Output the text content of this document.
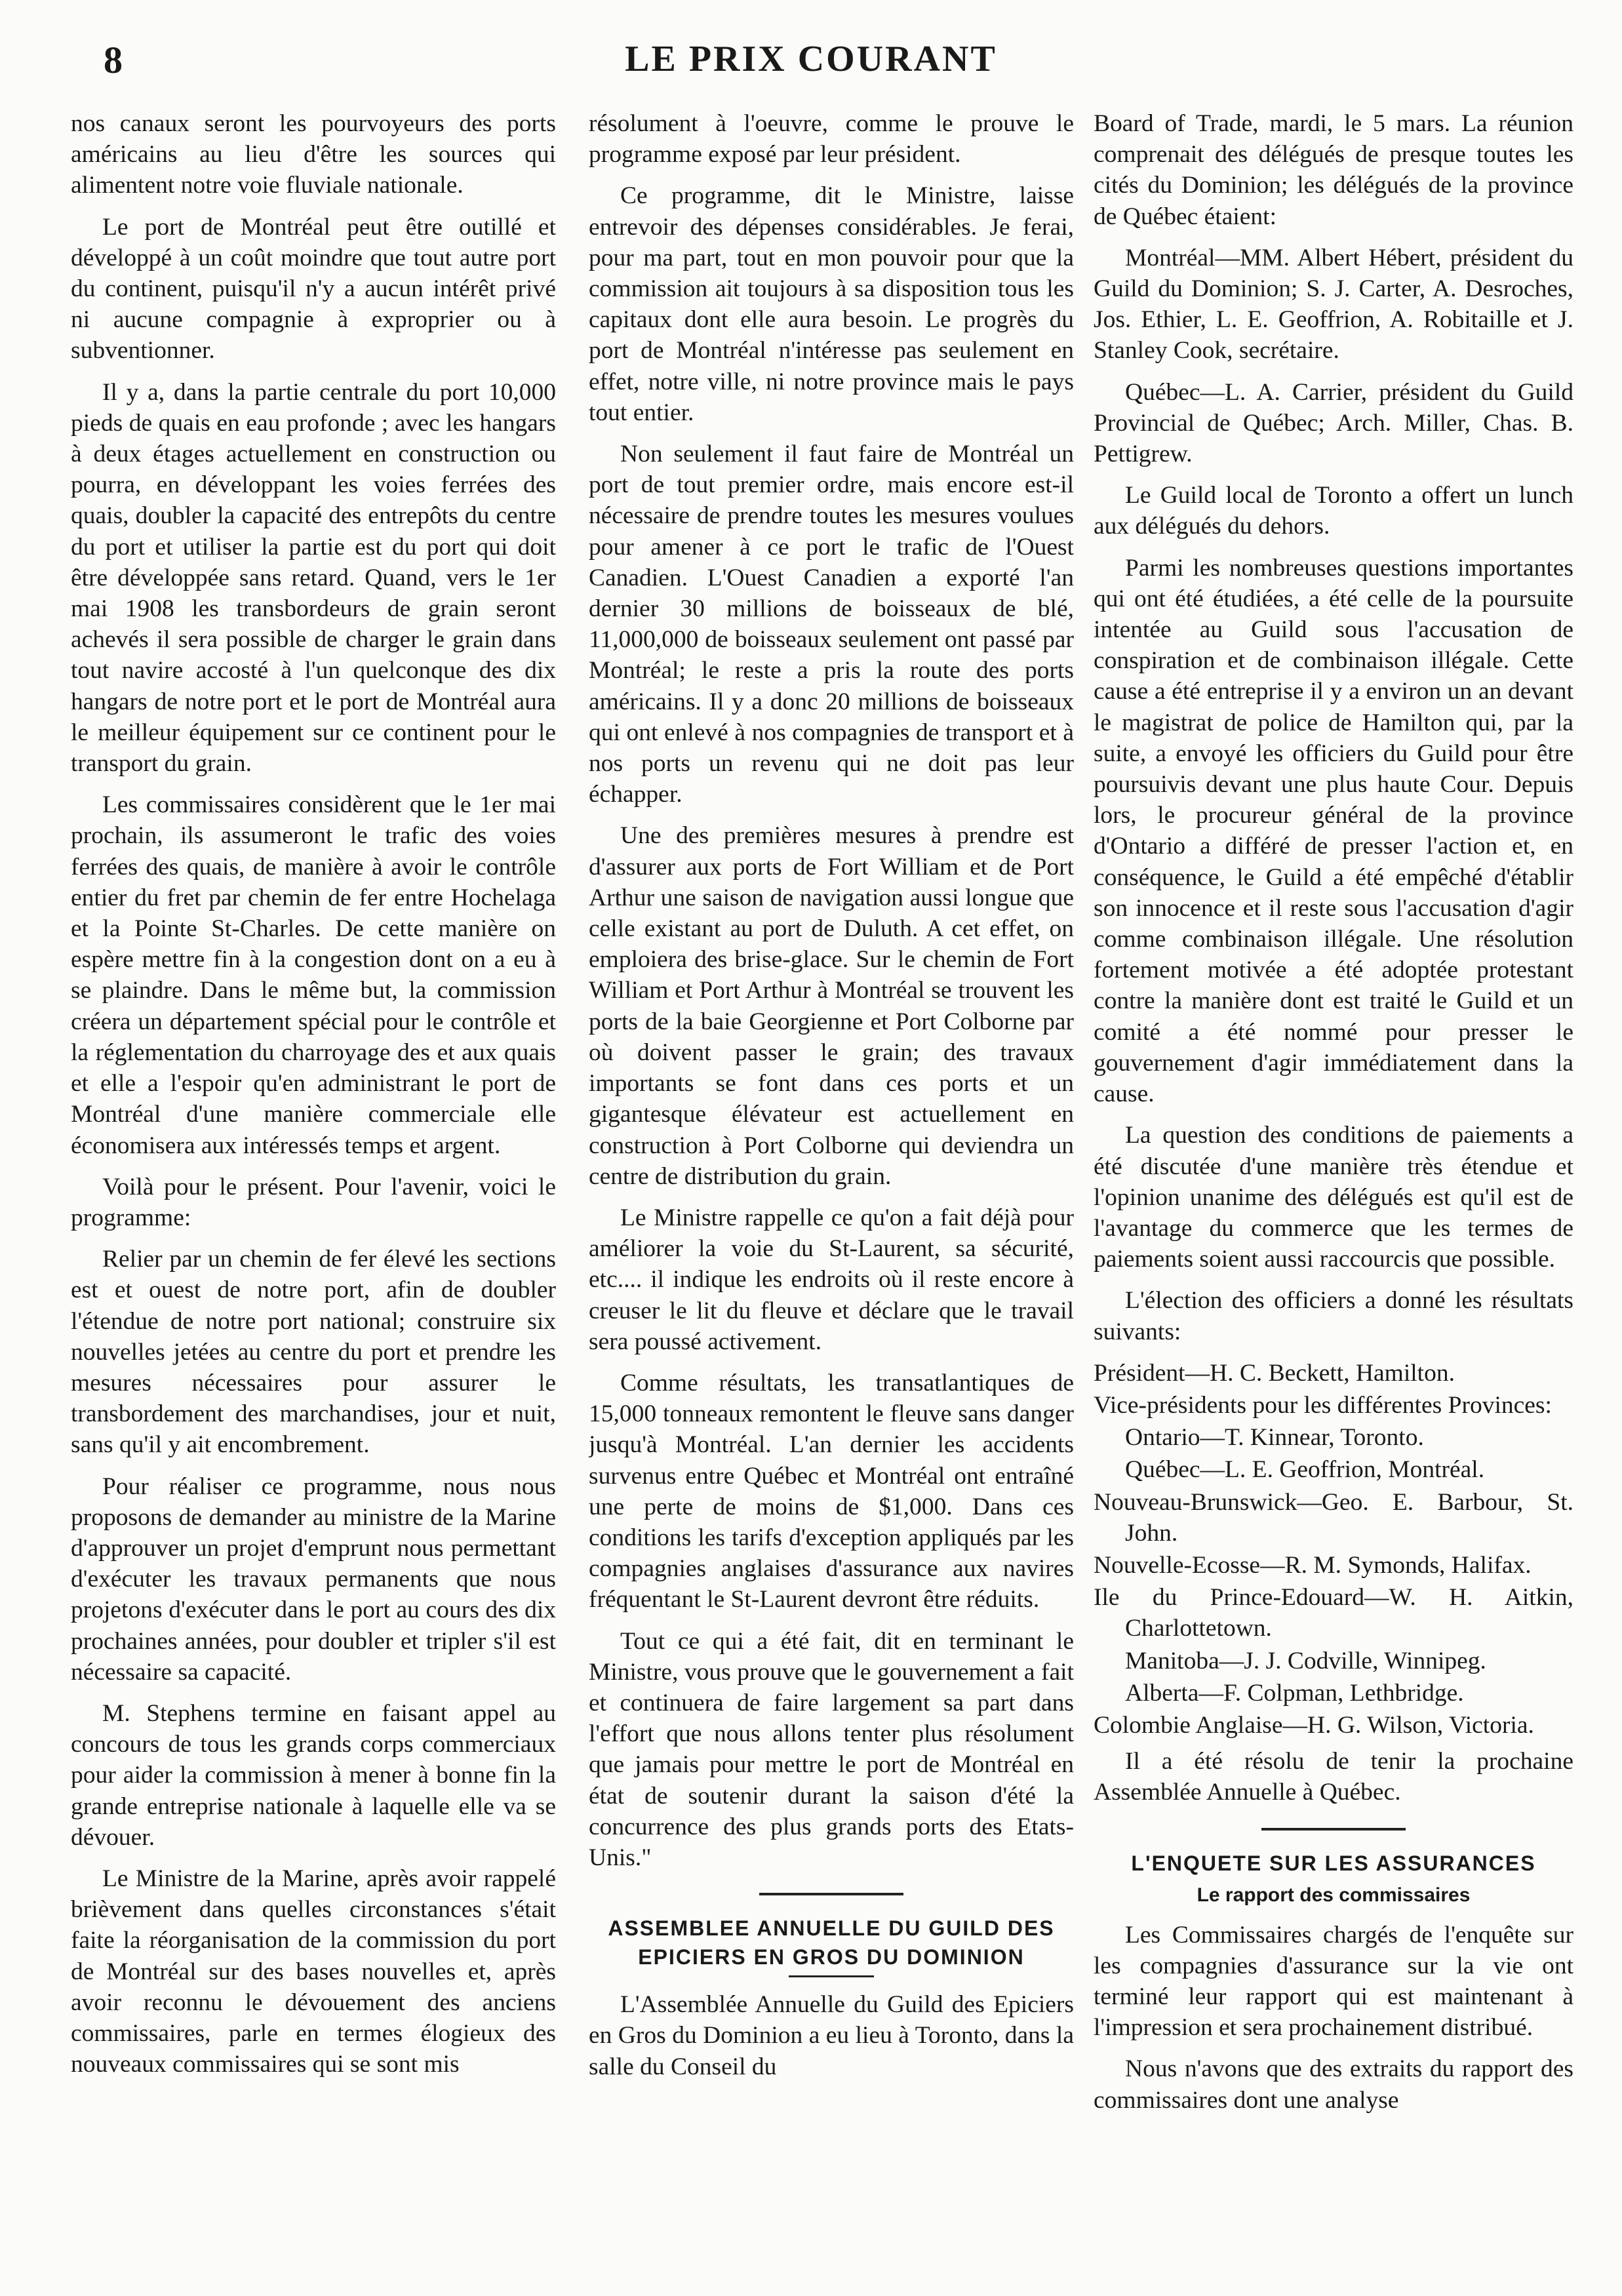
8	LE PRIX COURANT

nos canaux seront les pourvoyeurs des ports américains au lieu d'être les sources qui alimentent notre voie fluviale nationale.

Le port de Montréal peut être outillé et développé à un coût moindre que tout autre port du continent, puisqu'il n'y a aucun intérêt privé ni aucune compagnie à exproprier ou à subventionner.

Il y a, dans la partie centrale du port 10,000 pieds de quais en eau profonde ; avec les hangars à deux étages actuellement en construction ou pourra, en développant les voies ferrées des quais, doubler la capacité des entrepôts du centre du port et utiliser la partie est du port qui doit être développée sans retard. Quand, vers le 1er mai 1908 les transbordeurs de grain seront achevés il sera possible de charger le grain dans tout navire accosté à l'un quelconque des dix hangars de notre port et le port de Montréal aura le meilleur équipement sur ce continent pour le transport du grain.

Les commissaires considèrent que le 1er mai prochain, ils assumeront le trafic des voies ferrées des quais, de manière à avoir le contrôle entier du fret par chemin de fer entre Hochelaga et la Pointe St-Charles. De cette manière on espère mettre fin à la congestion dont on a eu à se plaindre. Dans le même but, la commission créera un département spécial pour le contrôle et la réglementation du charroyage des et aux quais et elle a l'espoir qu'en administrant le port de Montréal d'une manière commerciale elle économisera aux intéressés temps et argent.

Voilà pour le présent. Pour l'avenir, voici le programme:

Relier par un chemin de fer élevé les sections est et ouest de notre port, afin de doubler l'étendue de notre port national; construire six nouvelles jetées au centre du port et prendre les mesures nécessaires pour assurer le transbordement des marchandises, jour et nuit, sans qu'il y ait encombrement.

Pour réaliser ce programme, nous nous proposons de demander au ministre de la Marine d'approuver un projet d'emprunt nous permettant d'exécuter les travaux permanents que nous projetons d'exécuter dans le port au cours des dix prochaines années, pour doubler et tripler s'il est nécessaire sa capacité.

M. Stephens termine en faisant appel au concours de tous les grands corps commerciaux pour aider la commission à mener à bonne fin la grande entreprise nationale à laquelle elle va se dévouer.

Le Ministre de la Marine, après avoir rappelé brièvement dans quelles circonstances s'était faite la réorganisation de la commission du port de Montréal sur des bases nouvelles et, après avoir reconnu le dévouement des anciens commissaires, parle en termes élogieux des nouveaux commissaires qui se sont mis

résolument à l'oeuvre, comme le prouve le programme exposé par leur président.

Ce programme, dit le Ministre, laisse entrevoir des dépenses considérables. Je ferai, pour ma part, tout en mon pouvoir pour que la commission ait toujours à sa disposition tous les capitaux dont elle aura besoin. Le progrès du port de Montréal n'intéresse pas seulement en effet, notre ville, ni notre province mais le pays tout entier.

Non seulement il faut faire de Montréal un port de tout premier ordre, mais encore est-il nécessaire de prendre toutes les mesures voulues pour amener à ce port le trafic de l'Ouest Canadien. L'Ouest Canadien a exporté l'an dernier 30 millions de boisseaux de blé, 11,000,000 de boisseaux seulement ont passé par Montréal; le reste a pris la route des ports américains. Il y a donc 20 millions de boisseaux qui ont enlevé à nos compagnies de transport et à nos ports un revenu qui ne doit pas leur échapper.

Une des premières mesures à prendre est d'assurer aux ports de Fort William et de Port Arthur une saison de navigation aussi longue que celle existant au port de Duluth. A cet effet, on emploiera des brise-glace. Sur le chemin de Fort William et Port Arthur à Montréal se trouvent les ports de la baie Georgienne et Port Colborne par où doivent passer le grain; des travaux importants se font dans ces ports et un gigantesque élévateur est actuellement en construction à Port Colborne qui deviendra un centre de distribution du grain.

Le Ministre rappelle ce qu'on a fait déjà pour améliorer la voie du St-Laurent, sa sécurité, etc.... il indique les endroits où il reste encore à creuser le lit du fleuve et déclare que le travail sera poussé activement.

Comme résultats, les transatlantiques de 15,000 tonneaux remontent le fleuve sans danger jusqu'à Montréal. L'an dernier les accidents survenus entre Québec et Montréal ont entraîné une perte de moins de $1,000. Dans ces conditions les tarifs d'exception appliqués par les compagnies anglaises d'assurance aux navires fréquentant le St-Laurent devront être réduits.

Tout ce qui a été fait, dit en terminant le Ministre, vous prouve que le gouvernement a fait et continuera de faire largement sa part dans l'effort que nous allons tenter plus résolument que jamais pour mettre le port de Montréal en état de soutenir durant la saison d'été la concurrence des plus grands ports des Etats-Unis."

ASSEMBLEE ANNUELLE DU GUILD DES EPICIERS EN GROS DU DOMINION

L'Assemblée Annuelle du Guild des Epiciers en Gros du Dominion a eu lieu à Toronto, dans la salle du Conseil du

Board of Trade, mardi, le 5 mars. La réunion comprenait des délégués de presque toutes les cités du Dominion; les délégués de la province de Québec étaient:

Montréal—MM. Albert Hébert, président du Guild du Dominion; S. J. Carter, A. Desroches, Jos. Ethier, L. E. Geoffrion, A. Robitaille et J. Stanley Cook, secrétaire.

Québec—L. A. Carrier, président du Guild Provincial de Québec; Arch. Miller, Chas. B. Pettigrew.

Le Guild local de Toronto a offert un lunch aux délégués du dehors.

Parmi les nombreuses questions importantes qui ont été étudiées, a été celle de la poursuite intentée au Guild sous l'accusation de conspiration et de combinaison illégale. Cette cause a été entreprise il y a environ un an devant le magistrat de police de Hamilton qui, par la suite, a envoyé les officiers du Guild pour être poursuivis devant une plus haute Cour. Depuis lors, le procureur général de la province d'Ontario a différé de presser l'action et, en conséquence, le Guild a été empêché d'établir son innocence et il reste sous l'accusation d'agir comme combinaison illégale. Une résolution fortement motivée a été adoptée protestant contre la manière dont est traité le Guild et un comité a été nommé pour presser le gouvernement d'agir immédiatement dans la cause.

La question des conditions de paiements a été discutée d'une manière très étendue et l'opinion unanime des délégués est qu'il est de l'avantage du commerce que les termes de paiements soient aussi raccourcis que possible.

L'élection des officiers a donné les résultats suivants:

Président—H. C. Beckett, Hamilton.

Vice-présidents pour les différentes Provinces:

Ontario—T. Kinnear, Toronto.

Québec—L. E. Geoffrion, Montréal.

Nouveau-Brunswick—Geo. E. Barbour, St. John.

Nouvelle-Ecosse—R. M. Symonds, Halifax.

Ile du Prince-Edouard—W. H. Aitkin, Charlottetown.

Manitoba—J. J. Codville, Winnipeg.

Alberta—F. Colpman, Lethbridge.

Colombie Anglaise—H. G. Wilson, Victoria.

Il a été résolu de tenir la prochaine Assemblée Annuelle à Québec.

L'ENQUETE SUR LES ASSURANCES
Le rapport des commissaires

Les Commissaires chargés de l'enquête sur les compagnies d'assurance sur la vie ont terminé leur rapport qui est maintenant à l'impression et sera prochainement distribué.

Nous n'avons que des extraits du rapport des commissaires dont une analyse
